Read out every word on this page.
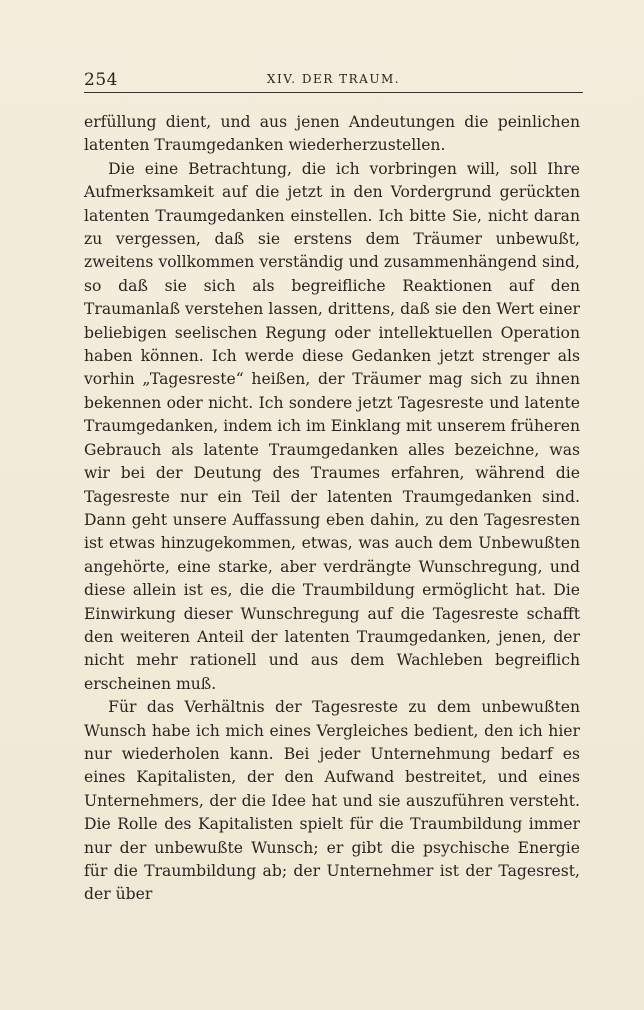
254	XIV. DER TRAUM.

erfüllung dient, und aus jenen Andeutungen die peinlichen latenten Traumgedanken wiederherzustellen.

Die eine Betrachtung, die ich vorbringen will, soll Ihre Aufmerksamkeit auf die jetzt in den Vordergrund gerückten latenten Traumgedanken einstellen. Ich bitte Sie, nicht daran zu vergessen, daß sie erstens dem Träumer unbewußt, zweitens vollkommen verständig und zusammenhängend sind, so daß sie sich als begreifliche Reaktionen auf den Traumanlaß verstehen lassen, drittens, daß sie den Wert einer beliebigen seelischen Regung oder intellektuellen Operation haben können. Ich werde diese Gedanken jetzt strenger als vorhin „Tagesreste“ heißen, der Träumer mag sich zu ihnen bekennen oder nicht. Ich sondere jetzt Tagesreste und latente Traumgedanken, indem ich im Einklang mit unserem früheren Gebrauch als latente Traumgedanken alles bezeichne, was wir bei der Deutung des Traumes erfahren, während die Tagesreste nur ein Teil der latenten Traumgedanken sind. Dann geht unsere Auffassung eben dahin, zu den Tagesresten ist etwas hinzugekommen, etwas, was auch dem Unbewußten angehörte, eine starke, aber verdrängte Wunschregung, und diese allein ist es, die die Traumbildung ermöglicht hat. Die Einwirkung dieser Wunschregung auf die Tagesreste schafft den weiteren Anteil der latenten Traumgedanken, jenen, der nicht mehr rationell und aus dem Wachleben begreiflich erscheinen muß.

Für das Verhältnis der Tagesreste zu dem unbewußten Wunsch habe ich mich eines Vergleiches bedient, den ich hier nur wiederholen kann. Bei jeder Unternehmung bedarf es eines Kapitalisten, der den Aufwand bestreitet, und eines Unternehmers, der die Idee hat und sie auszuführen versteht. Die Rolle des Kapitalisten spielt für die Traumbildung immer nur der unbewußte Wunsch; er gibt die psychische Energie für die Traumbildung ab; der Unternehmer ist der Tagesrest, der über
